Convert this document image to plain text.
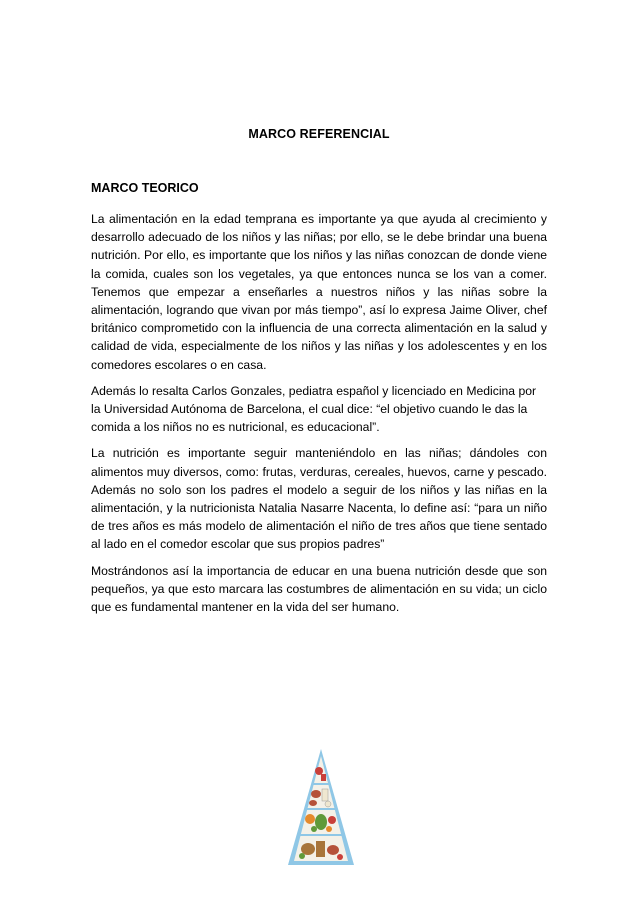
MARCO REFERENCIAL
MARCO TEORICO

La alimentación en la edad temprana es importante ya que ayuda al crecimiento y desarrollo adecuado de los niños y las niñas; por ello, se le debe brindar una buena nutrición. Por ello, es importante que los niños y las niñas conozcan de donde viene la comida, cuales son los vegetales, ya que entonces nunca se los van a comer. Tenemos que empezar a enseñarles a nuestros niños y las niñas sobre la alimentación, logrando que vivan por más tiempo”, así lo expresa Jaime Oliver, chef británico comprometido con la influencia de una correcta alimentación en la salud y calidad de vida, especialmente de los niños y las niñas y los adolescentes y en los comedores escolares o en casa.

Además lo resalta Carlos Gonzales, pediatra español y licenciado en Medicina por la Universidad Autónoma de Barcelona, el cual dice: “el objetivo cuando le das la comida a los niños no es nutricional, es educacional”.

La nutrición es importante seguir manteniéndolo en las niñas; dándoles con alimentos muy diversos, como: frutas, verduras, cereales, huevos, carne y pescado. Además no solo son los padres el modelo a seguir de los niños y las niñas en la alimentación, y la nutricionista Natalia Nasarre Nacenta, lo define así: “para un niño de tres años es más modelo de alimentación el niño de tres años que tiene sentado al lado en el comedor escolar que sus propios padres”

Mostrándonos así la importancia de educar en una buena nutrición desde que son pequeños, ya que esto marcara las costumbres de alimentación en su vida; un ciclo que es fundamental mantener en la vida del ser humano.
